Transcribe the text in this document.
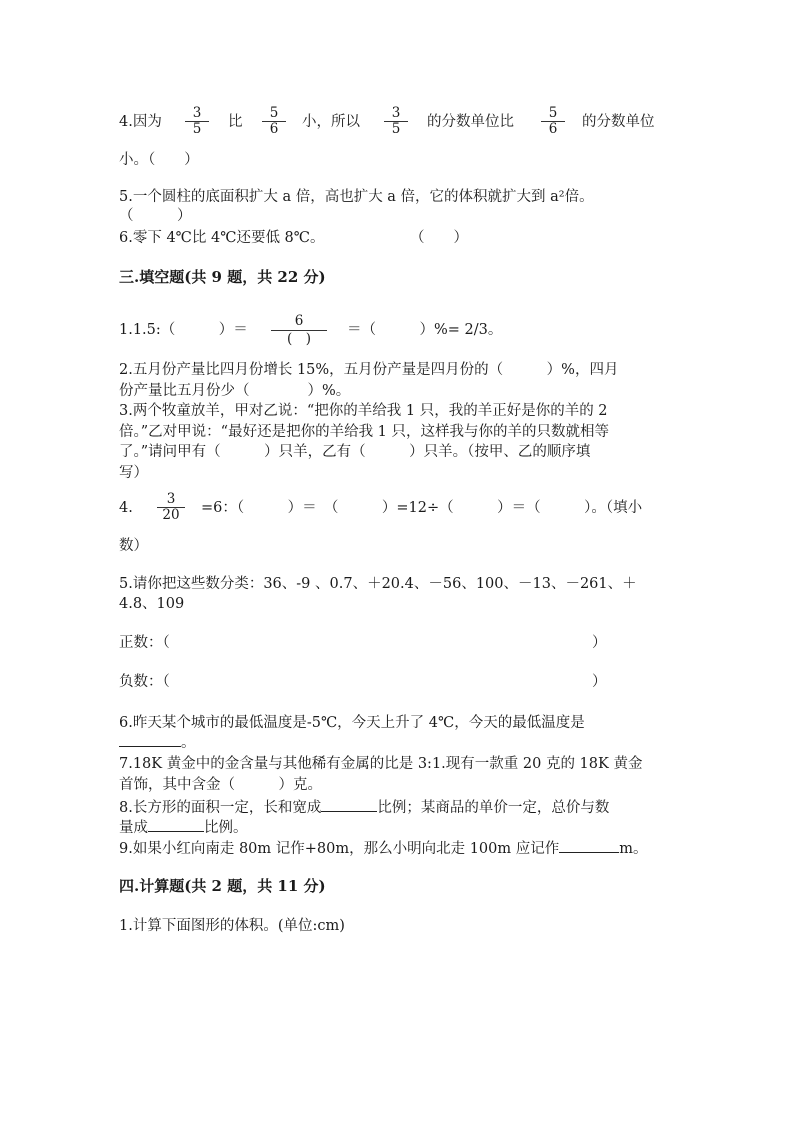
4.因为 $\frac{3}{5}$ 比 $\frac{5}{6}$ 小，所以 $\frac{3}{5}$ 的分数单位比 $\frac{5}{6}$ 的分数单位
小。（　　）
5.一个圆柱的底面积扩大 a 倍，高也扩大 a 倍，它的体积就扩大到 a²倍。
（　　　）
6.零下 4℃比 4℃还要低 8℃。	（　　）
三.填空题(共 9 题，共 22 分)
1.1.5:（　　　）＝
6
(　)
＝（　　　）%= 2/3。
2.五月份产量比四月份增长 15%，五月份产量是四月份的（　　　）%，四月
份产量比五月份少（　　　　）%。
3.两个牧童放羊，甲对乙说：“把你的羊给我 1 只，我的羊正好是你的羊的 2
倍。”乙对甲说：“最好还是把你的羊给我 1 只，这样我与你的羊的只数就相等
了。”请问甲有（　　　）只羊，乙有（　　　）只羊。（按甲、乙的顺序填
写）
4. $\frac{3}{20} =6$：（　　　）＝　（　　　）=12÷（　　　）＝（　　　）。（填小
数）
5.请你把这些数分类：36、-9 、0.7、＋20.4、－56、100、－13、－261、＋
4.8、109
正数：（	）
负数：（	）
6.昨天某个城市的最低温度是-5℃，今天上升了 4℃，今天的最低温度是
。
7.18K 黄金中的金含量与其他稀有金属的比是 3:1.现有一款重 20 克的 18K 黄金
首饰，其中含金（　　　）克。
8.长方形的面积一定，长和宽成	比例；某商品的单价一定，总价与数
量成	比例。
9.如果小红向南走 80m 记作+80m，那么小明向北走 100m 应记作	m。
四.计算题(共 2 题，共 11 分)
1.计算下面图形的体积。(单位:cm)
